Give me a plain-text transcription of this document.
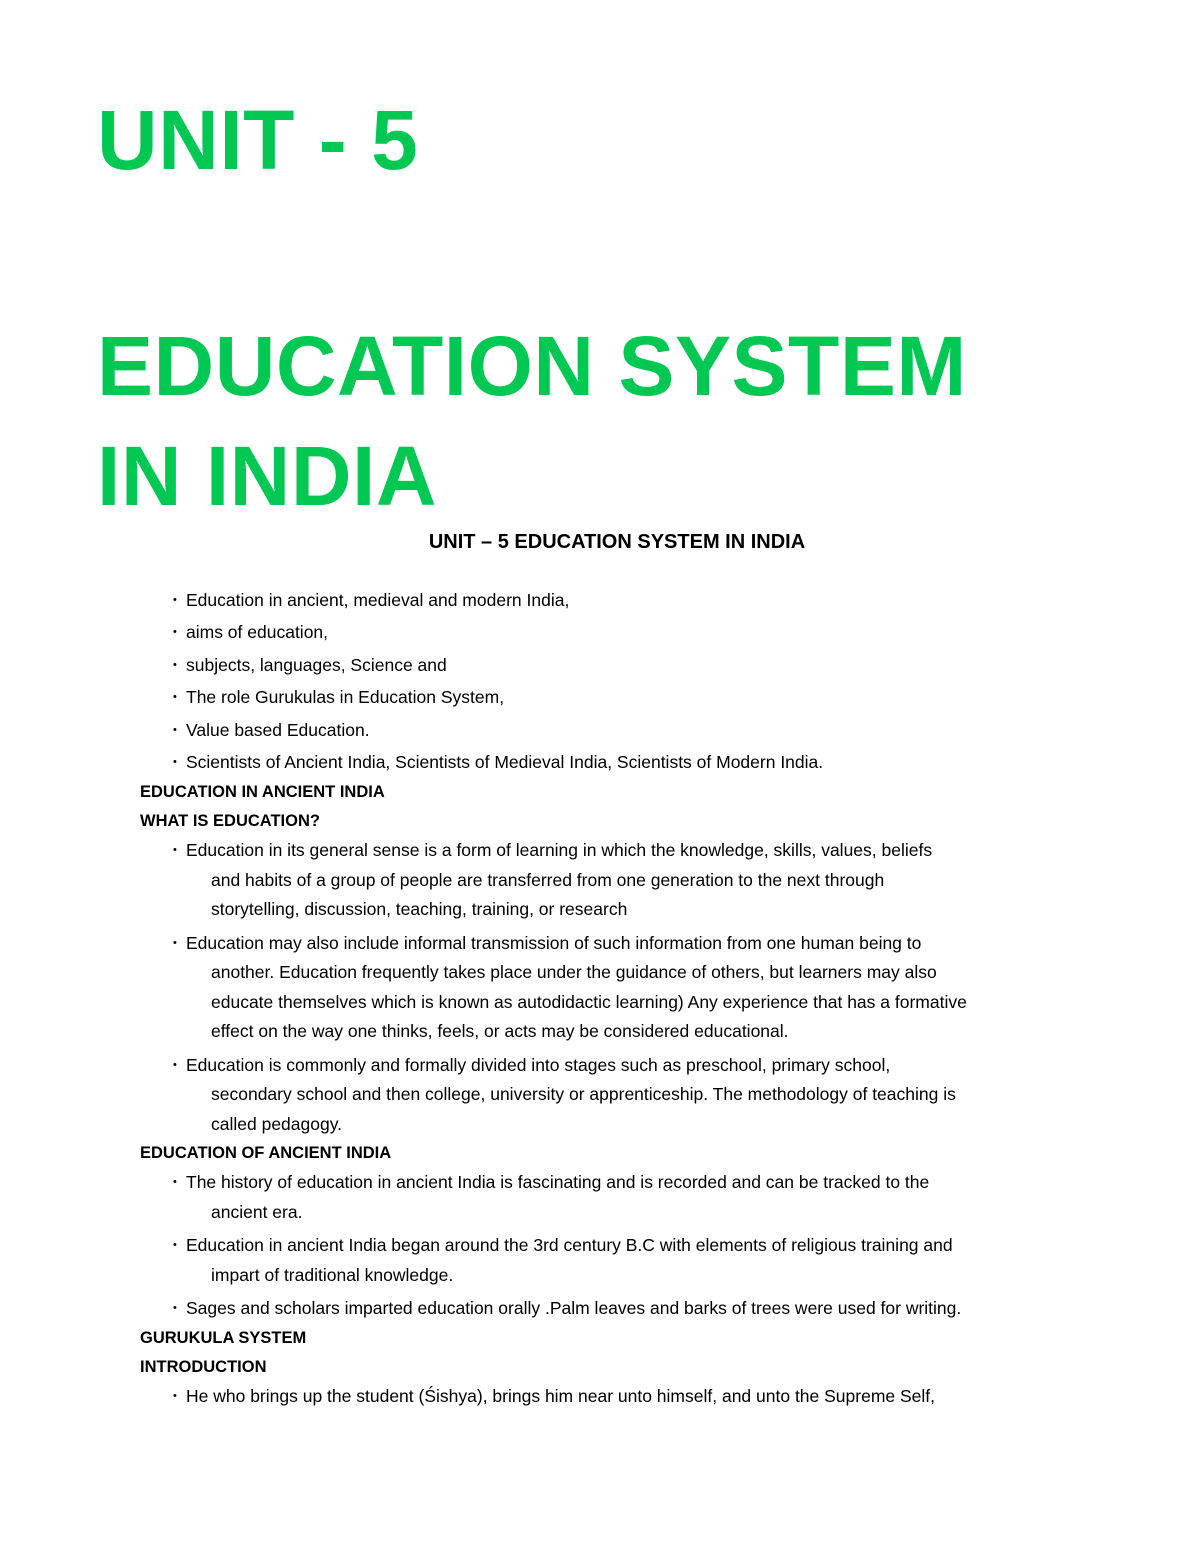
UNIT - 5
EDUCATION SYSTEM
IN INDIA
UNIT – 5 EDUCATION SYSTEM IN INDIA
• Education in ancient, medieval and modern India,
• aims of education,
• subjects, languages, Science and
• The role Gurukulas in Education System,
• Value based Education.
• Scientists of Ancient India, Scientists of Medieval India, Scientists of Modern India.
EDUCATION IN ANCIENT INDIA
WHAT IS EDUCATION?
• Education in its general sense is a form of learning in which the knowledge, skills, values, beliefs
and habits of a group of people are transferred from one generation to the next through
storytelling, discussion, teaching, training, or research
• Education may also include informal transmission of such information from one human being to
another. Education frequently takes place under the guidance of others, but learners may also
educate themselves which is known as autodidactic learning) Any experience that has a formative
effect on the way one thinks, feels, or acts may be considered educational.
• Education is commonly and formally divided into stages such as preschool, primary school,
secondary school and then college, university or apprenticeship. The methodology of teaching is
called pedagogy.
EDUCATION OF ANCIENT INDIA
• The history of education in ancient India is fascinating and is recorded and can be tracked to the
ancient era.
• Education in ancient India began around the 3rd century B.C with elements of religious training and
impart of traditional knowledge.
• Sages and scholars imparted education orally .Palm leaves and barks of trees were used for writing.
GURUKULA SYSTEM
INTRODUCTION
• He who brings up the student (Śishya), brings him near unto himself, and unto the Supreme Self,
